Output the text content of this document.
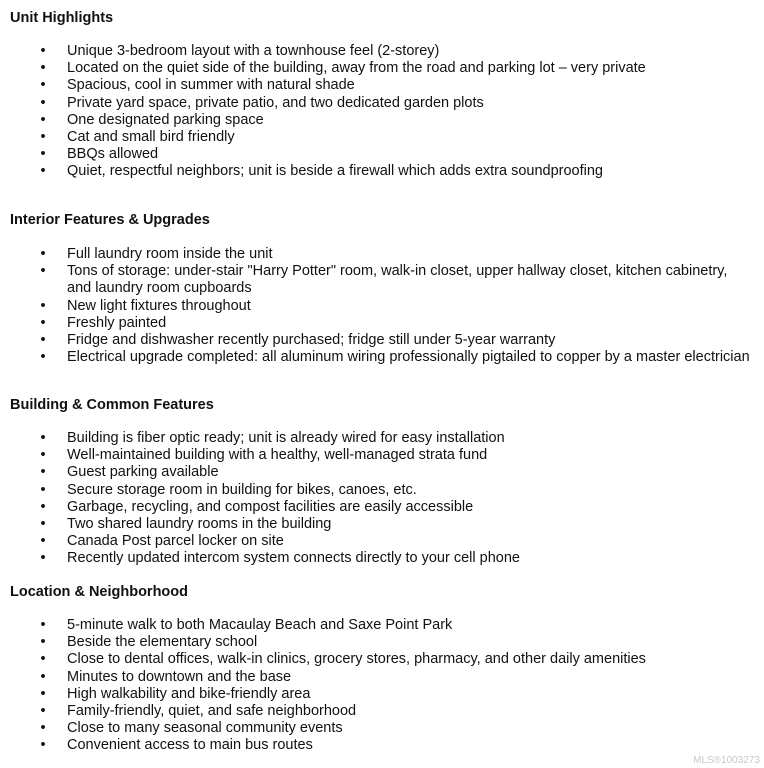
Unit Highlights
• Unique 3-bedroom layout with a townhouse feel (2-storey)
• Located on the quiet side of the building, away from the road and parking lot – very private
• Spacious, cool in summer with natural shade
• Private yard space, private patio, and two dedicated garden plots
• One designated parking space
• Cat and small bird friendly
• BBQs allowed
• Quiet, respectful neighbors; unit is beside a firewall which adds extra soundproofing
Interior Features & Upgrades
• Full laundry room inside the unit
• Tons of storage: under-stair "Harry Potter" room, walk-in closet, upper hallway closet, kitchen cabinetry, and laundry room cupboards
• New light fixtures throughout
• Freshly painted
• Fridge and dishwasher recently purchased; fridge still under 5-year warranty
• Electrical upgrade completed: all aluminum wiring professionally pigtailed to copper by a master electrician
Building & Common Features
• Building is fiber optic ready; unit is already wired for easy installation
• Well-maintained building with a healthy, well-managed strata fund
• Guest parking available
• Secure storage room in building for bikes, canoes, etc.
• Garbage, recycling, and compost facilities are easily accessible
• Two shared laundry rooms in the building
• Canada Post parcel locker on site
• Recently updated intercom system connects directly to your cell phone
Location & Neighborhood
• 5-minute walk to both Macaulay Beach and Saxe Point Park
• Beside the elementary school
• Close to dental offices, walk-in clinics, grocery stores, pharmacy, and other daily amenities
• Minutes to downtown and the base
• High walkability and bike-friendly area
• Family-friendly, quiet, and safe neighborhood
• Close to many seasonal community events
• Convenient access to main bus routes
MLS®1003273
